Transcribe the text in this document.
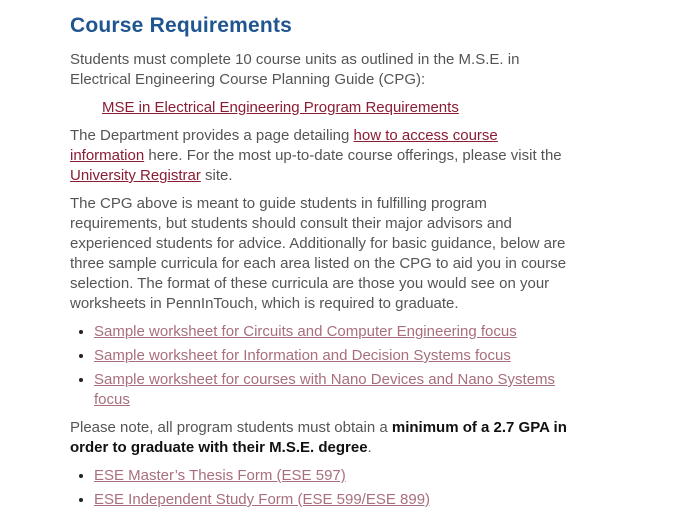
Course Requirements

Students must complete 10 course units as outlined in the M.S.E. in Electrical Engineering Course Planning Guide (CPG):

MSE in Electrical Engineering Program Requirements

The Department provides a page detailing how to access course information here. For the most up-to-date course offerings, please visit the University Registrar site.

The CPG above is meant to guide students in fulfilling program requirements, but students should consult their major advisors and experienced students for advice. Additionally for basic guidance, below are three sample curricula for each area listed on the CPG to aid you in course selection. The format of these curricula are those you would see on your worksheets in PennInTouch, which is required to graduate.

• Sample worksheet for Circuits and Computer Engineering focus
• Sample worksheet for Information and Decision Systems focus
• Sample worksheet for courses with Nano Devices and Nano Systems focus

Please note, all program students must obtain a minimum of a 2.7 GPA in order to graduate with their M.S.E. degree.

• ESE Master’s Thesis Form (ESE 597)
• ESE Independent Study Form (ESE 599/ESE 899)
